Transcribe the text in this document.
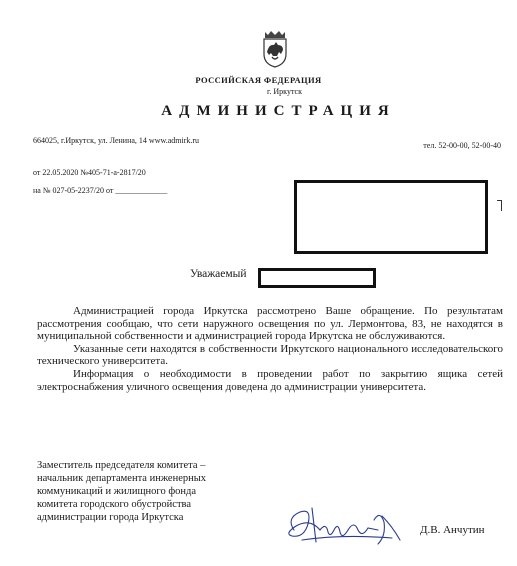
РОССИЙСКАЯ ФЕДЕРАЦИЯ
г. Иркутск
АДМИНИСТРАЦИЯ
664025, г.Иркутск, ул. Ленина, 14 www.admirk.ru
тел. 52-00-00, 52-00-40
от 22.05.2020 №405-71-а-2817/20
на № 027-05-2237/20 от _____________
Уважаемый

Администрацией города Иркутска рассмотрено Ваше обращение. По результатам рассмотрения сообщаю, что сети наружного освещения по ул. Лермонтова, 83, не находятся в муниципальной собственности и администрацией города Иркутска не обслуживаются.

Указанные сети находятся в собственности Иркутского национального исследовательского технического университета.

Информация о необходимости в проведении работ по закрытию ящика сетей электроснабжения уличного освещения доведена до администрации университета.

Заместитель председателя комитета –
начальник департамента инженерных
коммуникаций и жилищного фонда
комитета городского обустройства
администрации города Иркутска
Д.В. Анчутин
